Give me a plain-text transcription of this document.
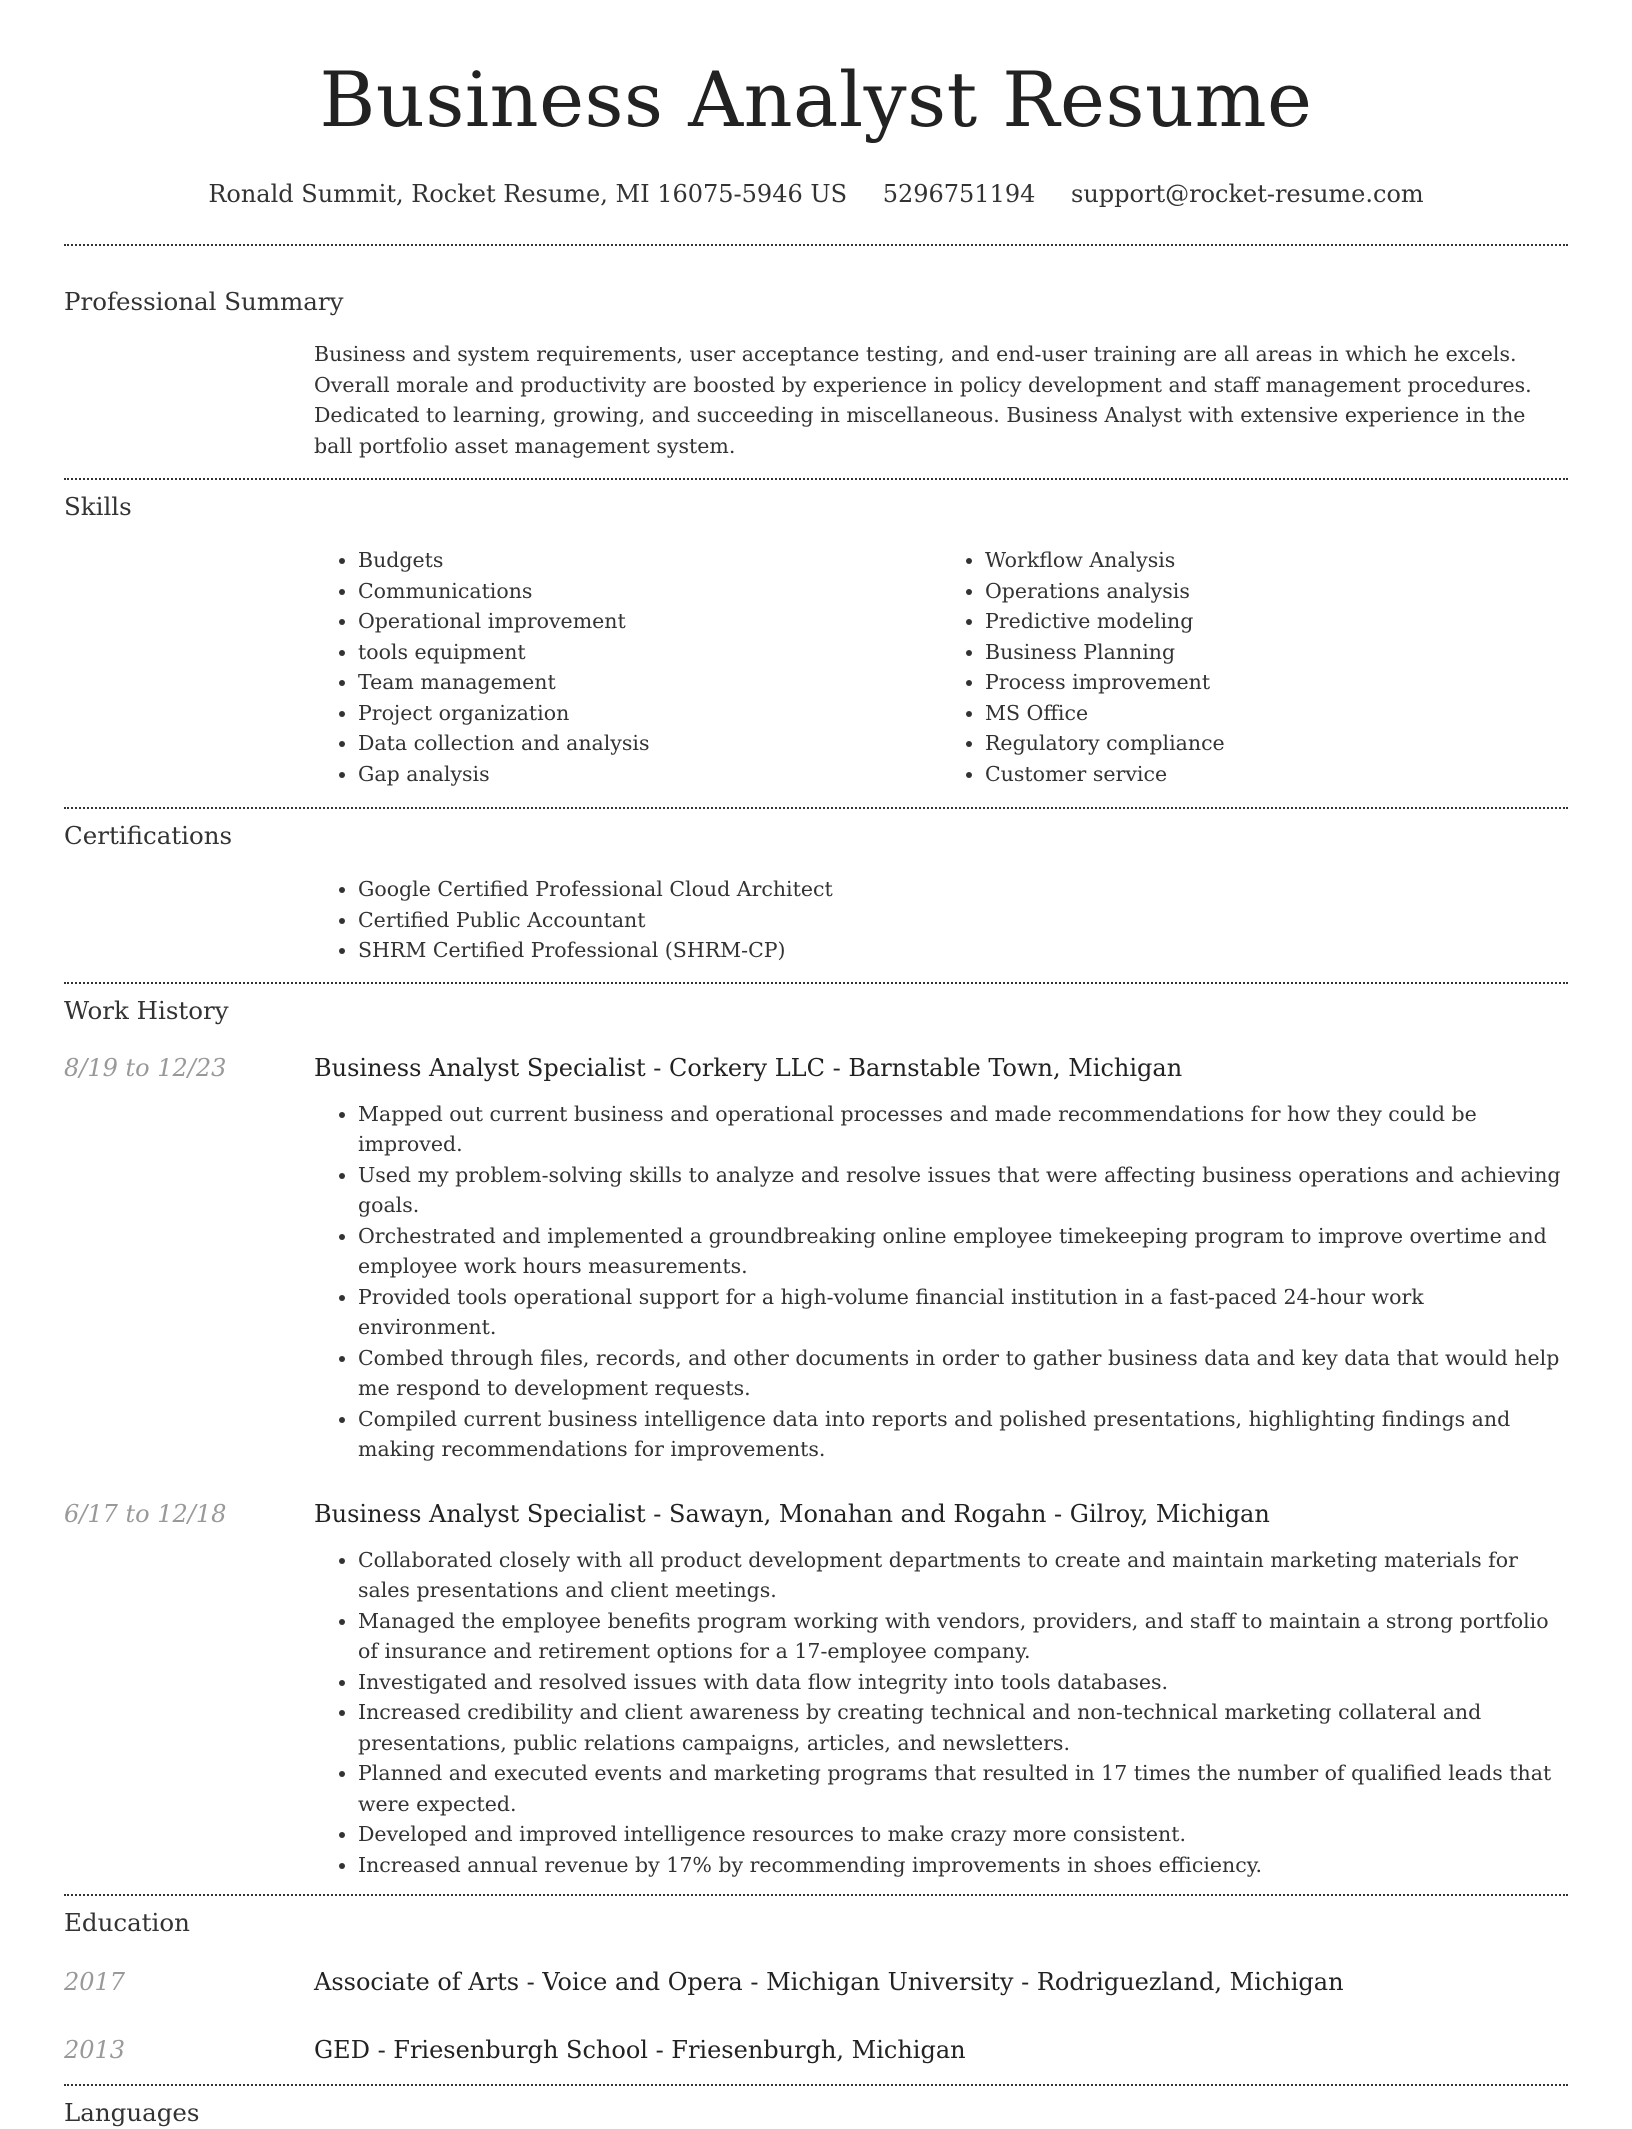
Business Analyst Resume
Ronald Summit, Rocket Resume, MI 16075-5946 US 5296751194 support@rocket-resume.com
Professional Summary
Business and system requirements, user acceptance testing, and end-user training are all areas in which he excels. Overall morale and productivity are boosted by experience in policy development and staff management procedures. Dedicated to learning, growing, and succeeding in miscellaneous. Business Analyst with extensive experience in the ball portfolio asset management system.
Skills
• Budgets
• Communications
• Operational improvement
• tools equipment
• Team management
• Project organization
• Data collection and analysis
• Gap analysis
• Workflow Analysis
• Operations analysis
• Predictive modeling
• Business Planning
• Process improvement
• MS Office
• Regulatory compliance
• Customer service
Certifications
• Google Certified Professional Cloud Architect
• Certified Public Accountant
• SHRM Certified Professional (SHRM-CP)
Work History
8/19 to 12/23	Business Analyst Specialist - Corkery LLC - Barnstable Town, Michigan
• Mapped out current business and operational processes and made recommendations for how they could be improved.
• Used my problem-solving skills to analyze and resolve issues that were affecting business operations and achieving goals.
• Orchestrated and implemented a groundbreaking online employee timekeeping program to improve overtime and employee work hours measurements.
• Provided tools operational support for a high-volume financial institution in a fast-paced 24-hour work environment.
• Combed through files, records, and other documents in order to gather business data and key data that would help me respond to development requests.
• Compiled current business intelligence data into reports and polished presentations, highlighting findings and making recommendations for improvements.
6/17 to 12/18	Business Analyst Specialist - Sawayn, Monahan and Rogahn - Gilroy, Michigan
• Collaborated closely with all product development departments to create and maintain marketing materials for sales presentations and client meetings.
• Managed the employee benefits program working with vendors, providers, and staff to maintain a strong portfolio of insurance and retirement options for a 17-employee company.
• Investigated and resolved issues with data flow integrity into tools databases.
• Increased credibility and client awareness by creating technical and non-technical marketing collateral and presentations, public relations campaigns, articles, and newsletters.
• Planned and executed events and marketing programs that resulted in 17 times the number of qualified leads that were expected.
• Developed and improved intelligence resources to make crazy more consistent.
• Increased annual revenue by 17% by recommending improvements in shoes efficiency.
Education
2017	Associate of Arts - Voice and Opera - Michigan University - Rodriguezland, Michigan
2013	GED - Friesenburgh School - Friesenburgh, Michigan
Languages
